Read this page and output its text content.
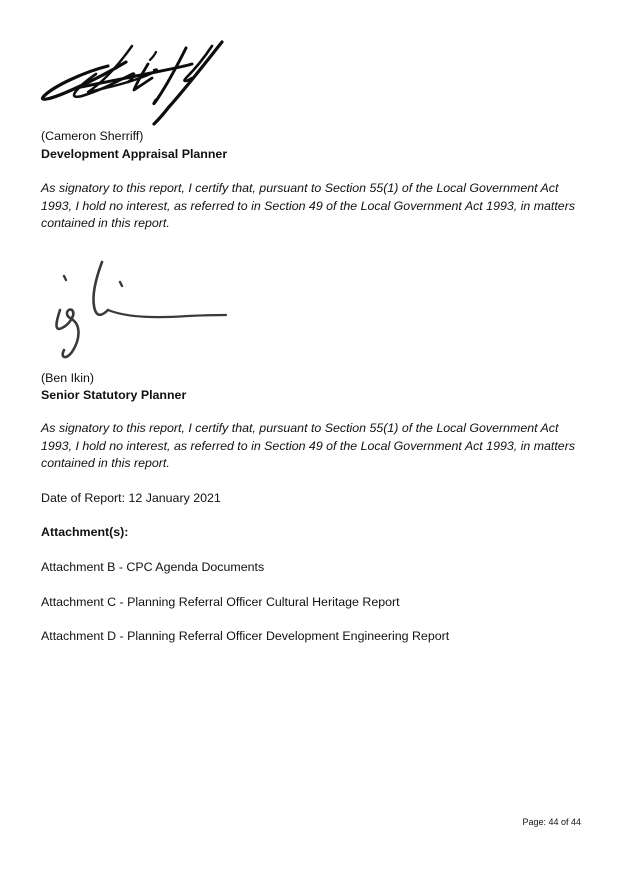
(Cameron Sherriff)
Development Appraisal Planner

As signatory to this report, I certify that, pursuant to Section 55(1) of the Local Government Act 1993, I hold no interest, as referred to in Section 49 of the Local Government Act 1993, in matters contained in this report.

(Ben Ikin)
Senior Statutory Planner

As signatory to this report, I certify that, pursuant to Section 55(1) of the Local Government Act 1993, I hold no interest, as referred to in Section 49 of the Local Government Act 1993, in matters contained in this report.

Date of Report: 12 January 2021
Attachment(s):
Attachment B - CPC Agenda Documents
Attachment C - Planning Referral Officer Cultural Heritage Report
Attachment D - Planning Referral Officer Development Engineering Report
Page: 44 of 44
